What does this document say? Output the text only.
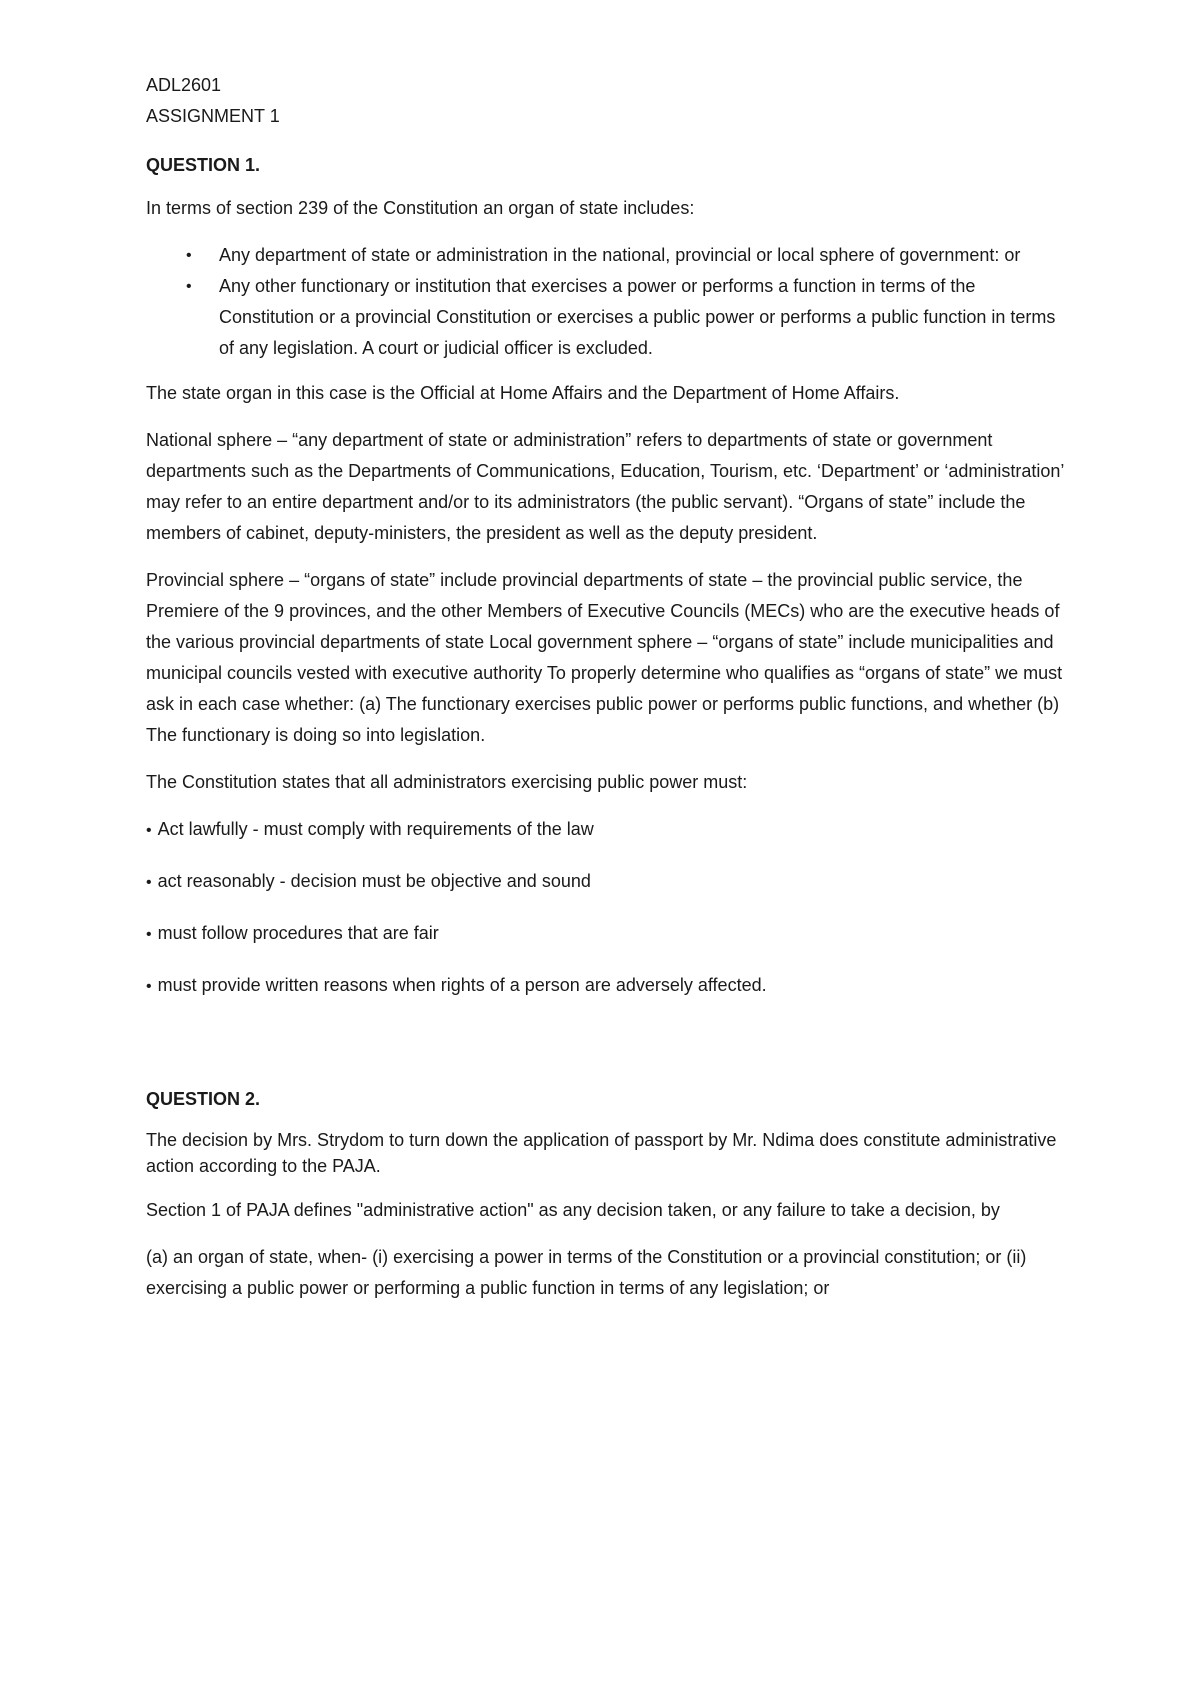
ADL2601

ASSIGNMENT 1

QUESTION 1.

In terms of section 239 of the Constitution an organ of state includes:

• Any department of state or administration in the national, provincial or local sphere of government: or
• Any other functionary or institution that exercises a power or performs a function in terms of the Constitution or a provincial Constitution or exercises a public power or performs a public function in terms of any legislation. A court or judicial officer is excluded.

The state organ in this case is the Official at Home Affairs and the Department of Home Affairs.

National sphere – “any department of state or administration” refers to departments of state or government departments such as the Departments of Communications, Education, Tourism, etc. ‘Department’ or ‘administration’ may refer to an entire department and/or to its administrators (the public servant). “Organs of state” include the members of cabinet, deputy-ministers, the president as well as the deputy president.

Provincial sphere – “organs of state” include provincial departments of state – the provincial public service, the Premiere of the 9 provinces, and the other Members of Executive Councils (MECs) who are the executive heads of the various provincial departments of state Local government sphere – “organs of state” include municipalities and municipal councils vested with executive authority To properly determine who qualifies as “organs of state” we must ask in each case whether: (a) The functionary exercises public power or performs public functions, and whether (b) The functionary is doing so into legislation.

The Constitution states that all administrators exercising public power must:

• Act lawfully - must comply with requirements of the law

• act reasonably - decision must be objective and sound

• must follow procedures that are fair

• must provide written reasons when rights of a person are adversely affected.

QUESTION 2.

The decision by Mrs. Strydom to turn down the application of passport by Mr. Ndima does constitute administrative action according to the PAJA.

Section 1 of PAJA defines "administrative action" as any decision taken, or any failure to take a decision, by

(a) an organ of state, when- (i) exercising a power in terms of the Constitution or a provincial constitution; or (ii) exercising a public power or performing a public function in terms of any legislation; or
